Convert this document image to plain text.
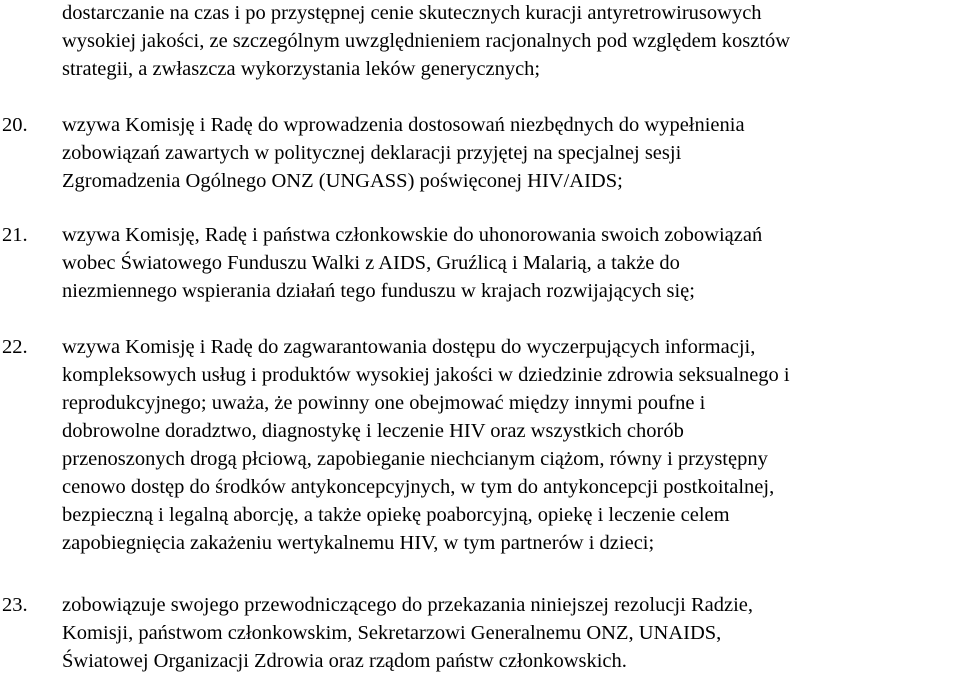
dostarczanie na czas i po przystępnej cenie skutecznych kuracji antyretrowirusowych

wysokiej jakości, ze szczególnym uwzględnieniem racjonalnych pod względem kosztów

strategii, a zwłaszcza wykorzystania leków generycznych;

20. wzywa Komisję i Radę do wprowadzenia dostosowań niezbędnych do wypełnienia

zobowiązań zawartych w politycznej deklaracji przyjętej na specjalnej sesji

Zgromadzenia Ogólnego ONZ (UNGASS) poświęconej HIV/AIDS;

21. wzywa Komisję, Radę i państwa członkowskie do uhonorowania swoich zobowiązań

wobec Światowego Funduszu Walki z AIDS, Gruźlicą i Malarią, a także do

niezmiennego wspierania działań tego funduszu w krajach rozwijających się;

22. wzywa Komisję i Radę do zagwarantowania dostępu do wyczerpujących informacji,

kompleksowych usług i produktów wysokiej jakości w dziedzinie zdrowia seksualnego i

reprodukcyjnego; uważa, że powinny one obejmować między innymi poufne i

dobrowolne doradztwo, diagnostykę i leczenie HIV oraz wszystkich chorób

przenoszonych drogą płciową, zapobieganie niechcianym ciążom, równy i przystępny

cenowo dostęp do środków antykoncepcyjnych, w tym do antykoncepcji postkoitalnej,

bezpieczną i legalną aborcję, a także opiekę poaborcyjną, opiekę i leczenie celem

zapobiegnięcia zakażeniu wertykalnemu HIV, w tym partnerów i dzieci;

23. zobowiązuje swojego przewodniczącego do przekazania niniejszej rezolucji Radzie,

Komisji, państwom członkowskim, Sekretarzowi Generalnemu ONZ, UNAIDS,

Światowej Organizacji Zdrowia oraz rządom państw członkowskich.
